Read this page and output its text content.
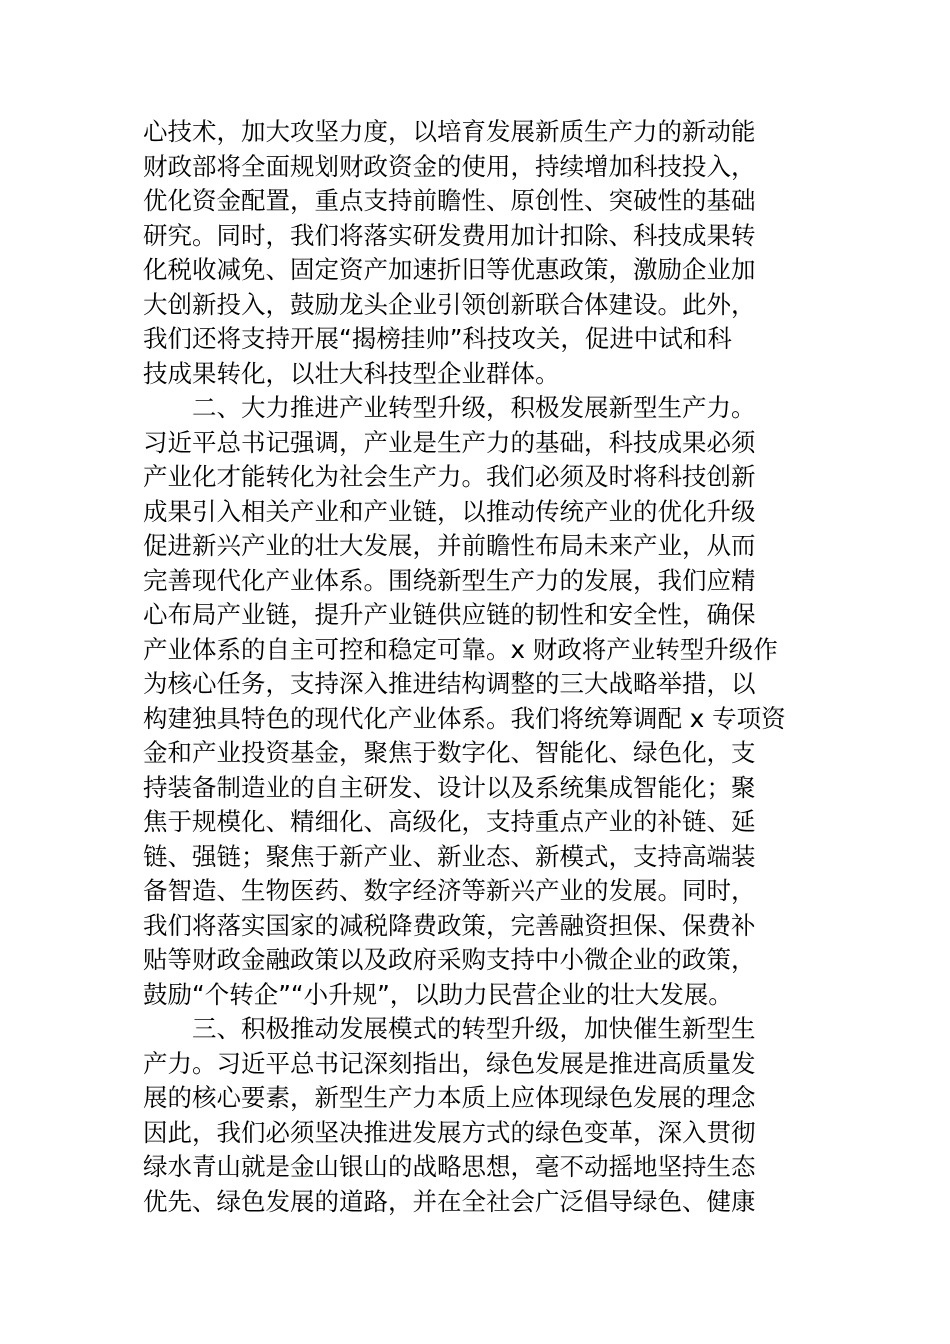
心技术，加大攻坚力度，以培育发展新质生产力的新动能
财政部将全面规划财政资金的使用，持续增加科技投入，
优化资金配置，重点支持前瞻性、原创性、突破性的基础
研究。同时，我们将落实研发费用加计扣除、科技成果转
化税收减免、固定资产加速折旧等优惠政策，激励企业加
大创新投入，鼓励龙头企业引领创新联合体建设。此外，
我们还将支持开展“揭榜挂帅”科技攻关，促进中试和科
技成果转化，以壮大科技型企业群体。
　　二、大力推进产业转型升级，积极发展新型生产力。
习近平总书记强调，产业是生产力的基础，科技成果必须
产业化才能转化为社会生产力。我们必须及时将科技创新
成果引入相关产业和产业链，以推动传统产业的优化升级
促进新兴产业的壮大发展，并前瞻性布局未来产业，从而
完善现代化产业体系。围绕新型生产力的发展，我们应精
心布局产业链，提升产业链供应链的韧性和安全性，确保
产业体系的自主可控和稳定可靠。x 财政将产业转型升级作
为核心任务，支持深入推进结构调整的三大战略举措，以
构建独具特色的现代化产业体系。我们将统筹调配 x 专项资
金和产业投资基金，聚焦于数字化、智能化、绿色化，支
持装备制造业的自主研发、设计以及系统集成智能化；聚
焦于规模化、精细化、高级化，支持重点产业的补链、延
链、强链；聚焦于新产业、新业态、新模式，支持高端装
备智造、生物医药、数字经济等新兴产业的发展。同时，
我们将落实国家的减税降费政策，完善融资担保、保费补
贴等财政金融政策以及政府采购支持中小微企业的政策，
鼓励“个转企”“小升规”，以助力民营企业的壮大发展。
　　三、积极推动发展模式的转型升级，加快催生新型生
产力。习近平总书记深刻指出，绿色发展是推进高质量发
展的核心要素，新型生产力本质上应体现绿色发展的理念
因此，我们必须坚决推进发展方式的绿色变革，深入贯彻
绿水青山就是金山银山的战略思想，毫不动摇地坚持生态
优先、绿色发展的道路，并在全社会广泛倡导绿色、健康
